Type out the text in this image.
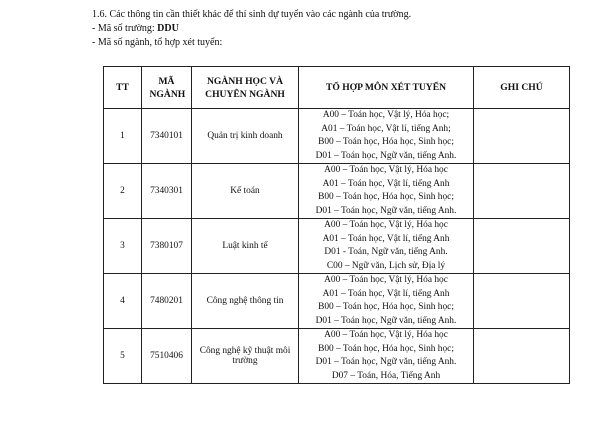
1.6. Các thông tin cần thiết khác để thí sinh dự tuyển vào các ngành của trường.
- Mã số trường: DDU
- Mã số ngành, tổ hợp xét tuyển:
TT	MÃ NGÀNH	NGÀNH HỌC VÀ CHUYÊN NGÀNH	TỔ HỢP MÔN XÉT TUYỂN	GHI CHÚ
1	7340101	Quản trị kinh doanh	A00 – Toán học, Vật lý, Hóa học;
A01 – Toán học, Vật lí, tiếng Anh;
B00 – Toán học, Hóa học, Sinh học;
D01 – Toán học, Ngữ văn, tiếng Anh.	

2	7340301	Kế toán	A00 – Toán học, Vật lý, Hóa học
A01 – Toán học, Vật lí, tiếng Anh
B00 – Toán học, Hóa học, Sinh học;
D01 – Toán học, Ngữ văn, tiếng Anh.	

3	7380107	Luật kinh tế	A00 – Toán học, Vật lý, Hóa học
A01 – Toán học, Vật lí, tiếng Anh
D01 - Toán, Ngữ văn, tiếng Anh.
C00 – Ngữ văn, Lịch sử, Địa lý	

4	7480201	Công nghệ thông tin	A00 – Toán học, Vật lý, Hóa học
A01 – Toán học, Vật lí, tiếng Anh
B00 – Toán học, Hóa học, Sinh học;
D01 – Toán học, Ngữ văn, tiếng Anh.	

5	7510406	Công nghệ kỹ thuật môi trường	A00 – Toán học, Vật lý, Hóa học
B00 – Toán học, Hóa học, Sinh học;
D01 – Toán học, Ngữ văn, tiếng Anh.
D07 – Toán, Hóa, Tiếng Anh	
